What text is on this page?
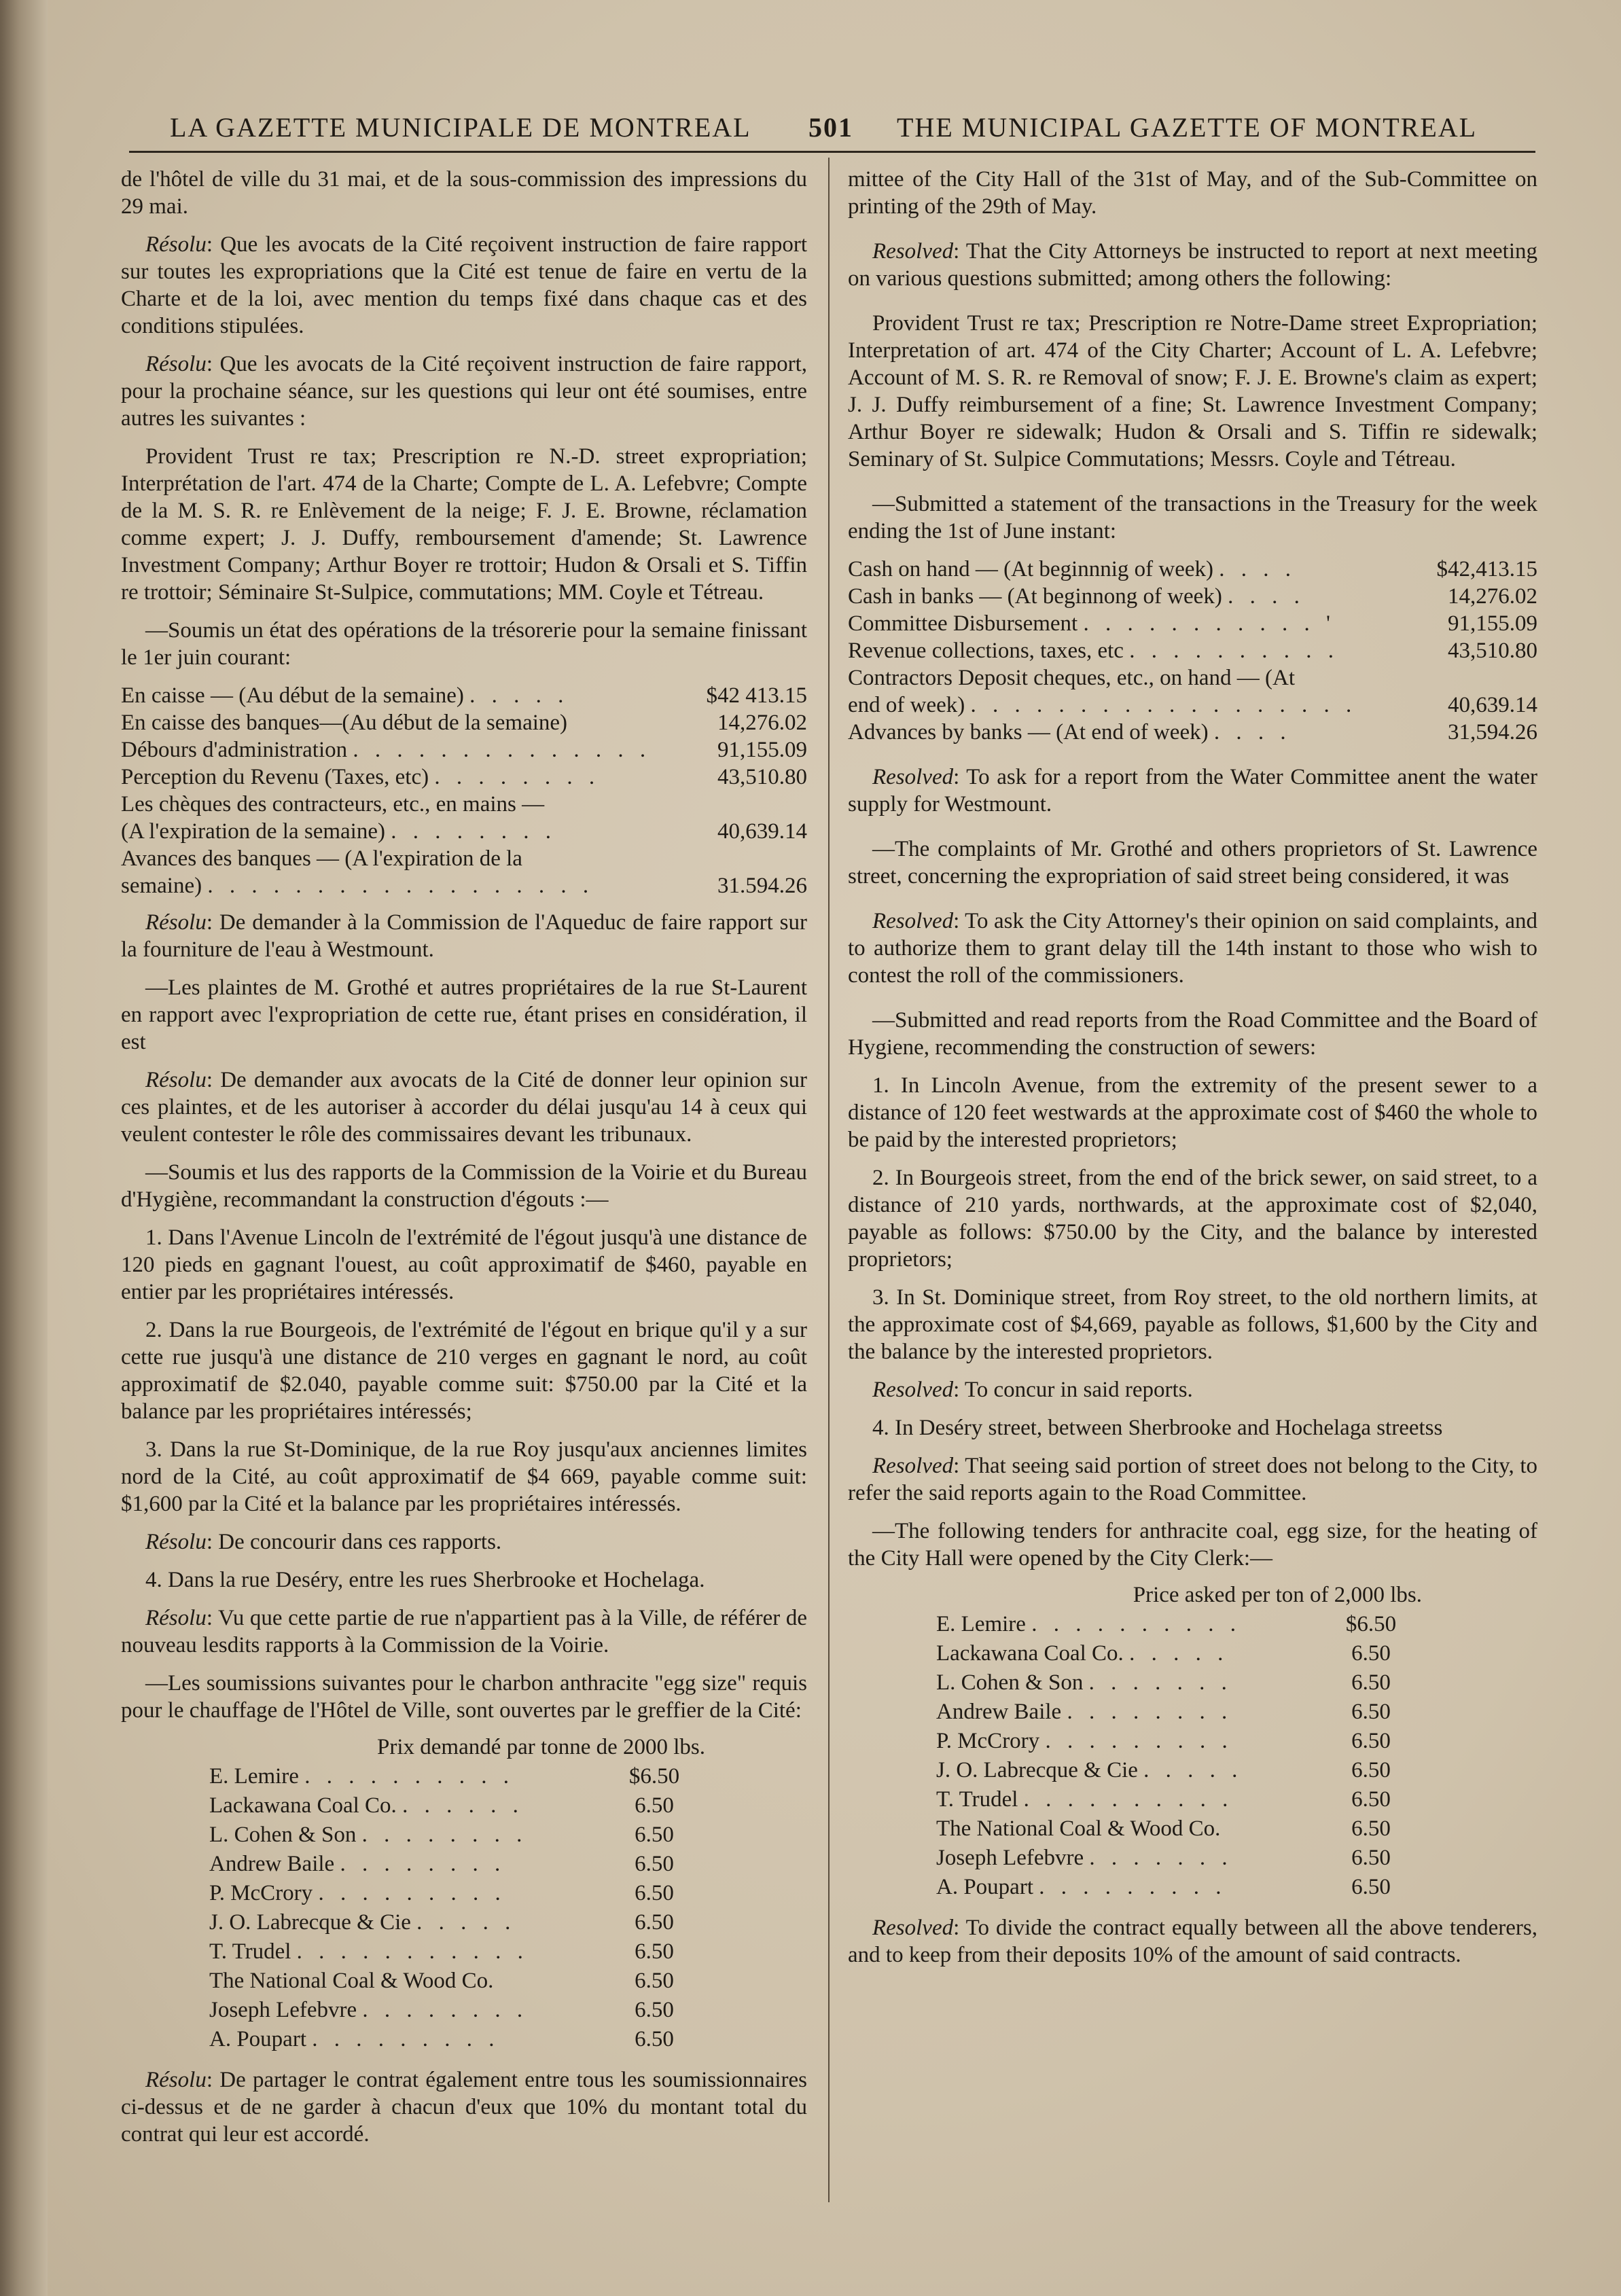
LA GAZETTE MUNICIPALE DE MONTREAL 501 THE MUNICIPAL GAZETTE OF MONTREAL

de l'hôtel de ville du 31 mai, et de la sous-commission des impressions du 29 mai.

Résolu: Que les avocats de la Cité reçoivent instruction de faire rapport sur toutes les expropriations que la Cité est tenue de faire en vertu de la Charte et de la loi, avec mention du temps fixé dans chaque cas et des conditions stipulées.

Résolu: Que les avocats de la Cité reçoivent instruction de faire rapport, pour la prochaine séance, sur les questions qui leur ont été soumises, entre autres les suivantes :

Provident Trust re tax; Prescription re N.-D. street expropriation; Interprétation de l'art. 474 de la Charte; Compte de L. A. Lefebvre; Compte de la M. S. R. re Enlèvement de la neige; F. J. E. Browne, réclamation comme expert; J. J. Duffy, remboursement d'amende; St. Lawrence Investment Company; Arthur Boyer re trottoir; Hudon & Orsali et S. Tiffin re trottoir; Séminaire St-Sulpice, commutations; MM. Coyle et Tétreau.

—Soumis un état des opérations de la trésorerie pour la semaine finissant le 1er juin courant:

En caisse — (Au début de la semaine) . . . . .	$42 413.15
En caisse des banques—(Au début de la semaine)	14,276.02
Débours d'administration . . . . . . . . . . . . . .	91,155.09
Perception du Revenu (Taxes, etc) . . . . . . . .	43,510.80
Les chèques des contracteurs, etc., en mains —	
(A l'expiration de la semaine) . . . . . . . .	40,639.14
Avances des banques — (A l'expiration de la	
semaine) . . . . . . . . . . . . . . . . . .	31.594.26

Résolu: De demander à la Commission de l'Aqueduc de faire rapport sur la fourniture de l'eau à Westmount.

—Les plaintes de M. Grothé et autres propriétaires de la rue St-Laurent en rapport avec l'expropriation de cette rue, étant prises en considération, il est

Résolu: De demander aux avocats de la Cité de donner leur opinion sur ces plaintes, et de les autoriser à accorder du délai jusqu'au 14 à ceux qui veulent contester le rôle des commissaires devant les tribunaux.

—Soumis et lus des rapports de la Commission de la Voirie et du Bureau d'Hygiène, recommandant la construction d'égouts :—

1. Dans l'Avenue Lincoln de l'extrémité de l'égout jusqu'à une distance de 120 pieds en gagnant l'ouest, au coût approximatif de $460, payable en entier par les propriétaires intéressés.

2. Dans la rue Bourgeois, de l'extrémité de l'égout en brique qu'il y a sur cette rue jusqu'à une distance de 210 verges en gagnant le nord, au coût approximatif de $2.040, payable comme suit: $750.00 par la Cité et la balance par les propriétaires intéressés;

3. Dans la rue St-Dominique, de la rue Roy jusqu'aux anciennes limites nord de la Cité, au coût approximatif de $4 669, payable comme suit: $1,600 par la Cité et la balance par les propriétaires intéressés.

Résolu: De concourir dans ces rapports.

4. Dans la rue Deséry, entre les rues Sherbrooke et Hochelaga.

Résolu: Vu que cette partie de rue n'appartient pas à la Ville, de référer de nouveau lesdits rapports à la Commission de la Voirie.

—Les soumissions suivantes pour le charbon anthracite "egg size" requis pour le chauffage de l'Hôtel de Ville, sont ouvertes par le greffier de la Cité:

Prix demandé par tonne de 2000 lbs.
E. Lemire . . . . . . . . . .	$6.50
Lackawana Coal Co. . . . . . .	6.50
L. Cohen & Son . . . . . . . .	6.50
Andrew Baile . . . . . . . .	6.50
P. McCrory . . . . . . . . .	6.50
J. O. Labrecque & Cie . . . . .	6.50
T. Trudel . . . . . . . . . . .	6.50
The National Coal & Wood Co.	6.50
Joseph Lefebvre . . . . . . . .	6.50
A. Poupart . . . . . . . . .	6.50

Résolu: De partager le contrat également entre tous les soumissionnaires ci-dessus et de ne garder à chacun d'eux que 10% du montant total du contrat qui leur est accordé.

mittee of the City Hall of the 31st of May, and of the Sub-Committee on printing of the 29th of May.

Resolved: That the City Attorneys be instructed to report at next meeting on various questions submitted; among others the following:

Provident Trust re tax; Prescription re Notre-Dame street Expropriation; Interpretation of art. 474 of the City Charter; Account of L. A. Lefebvre; Account of M. S. R. re Removal of snow; F. J. E. Browne's claim as expert; J. J. Duffy reimbursement of a fine; St. Lawrence Investment Company; Arthur Boyer re sidewalk; Hudon & Orsali and S. Tiffin re sidewalk; Seminary of St. Sulpice Commutations; Messrs. Coyle and Tétreau.

—Submitted a statement of the transactions in the Treasury for the week ending the 1st of June instant:

Cash on hand — (At beginnnig of week) . . . .	$42,413.15
Cash in banks — (At beginnong of week) . . . .	14,276.02
Committee Disbursement . . . . . . . . . . . '	91,155.09
Revenue collections, taxes, etc . . . . . . . . . .	43,510.80
Contractors Deposit cheques, etc., on hand — (At	
end of week) . . . . . . . . . . . . . . . . . .	40,639.14
Advances by banks — (At end of week) . . . .	31,594.26

Resolved: To ask for a report from the Water Committee anent the water supply for Westmount.

—The complaints of Mr. Grothé and others proprietors of St. Lawrence street, concerning the expropriation of said street being considered, it was

Resolved: To ask the City Attorney's their opinion on said complaints, and to authorize them to grant delay till the 14th instant to those who wish to contest the roll of the commissioners.

—Submitted and read reports from the Road Committee and the Board of Hygiene, recommending the construction of sewers:

1. In Lincoln Avenue, from the extremity of the present sewer to a distance of 120 feet westwards at the approximate cost of $460 the whole to be paid by the interested proprietors;

2. In Bourgeois street, from the end of the brick sewer, on said street, to a distance of 210 yards, northwards, at the approximate cost of $2,040, payable as follows: $750.00 by the City, and the balance by interested proprietors;

3. In St. Dominique street, from Roy street, to the old northern limits, at the approximate cost of $4,669, payable as follows, $1,600 by the City and the balance by the interested proprietors.

Resolved: To concur in said reports.

4. In Deséry street, between Sherbrooke and Hochelaga streetss

Resolved: That seeing said portion of street does not belong to the City, to refer the said reports again to the Road Committee.

—The following tenders for anthracite coal, egg size, for the heating of the City Hall were opened by the City Clerk:—

Price asked per ton of 2,000 lbs.
E. Lemire . . . . . . . . . .	$6.50
Lackawana Coal Co. . . . . .	6.50
L. Cohen & Son . . . . . . .	6.50
Andrew Baile . . . . . . . .	6.50
P. McCrory . . . . . . . . .	6.50
J. O. Labrecque & Cie . . . . .	6.50
T. Trudel . . . . . . . . . .	6.50
The National Coal & Wood Co.	6.50
Joseph Lefebvre . . . . . . .	6.50
A. Poupart . . . . . . . . .	6.50

Resolved: To divide the contract equally between all the above tenderers, and to keep from their deposits 10% of the amount of said contracts.
